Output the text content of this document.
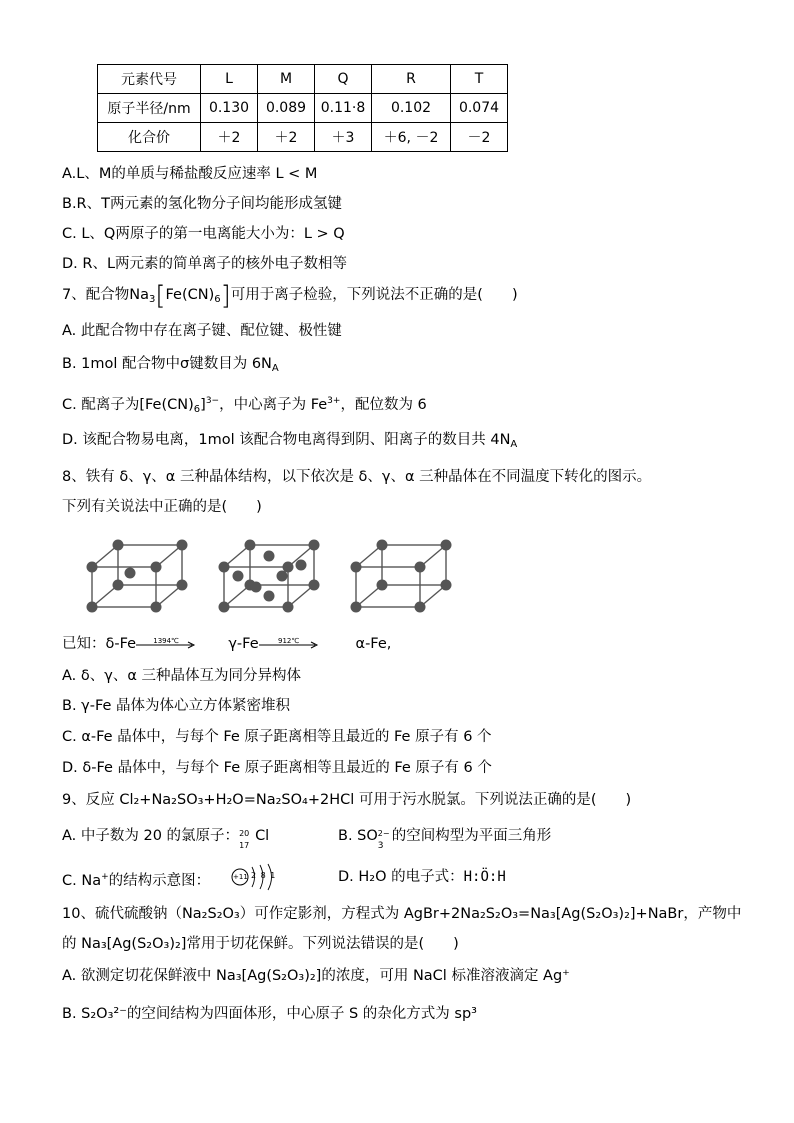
元素代号	L	M	Q	R	T
原子半径/nm	0.130	0.089	0.11·8	0.102	0.074
化合价	＋2	＋2	＋3	＋6, －2	－2
A.L、M的单质与稀盐酸反应速率 L < M
B.R、T两元素的氢化物分子间均能形成氢键
C. L、Q两原子的第一电离能大小为：L > Q
D. R、L两元素的简单离子的核外电子数相等
7、配合物$Na_3[Fe(CN)_6]$可用于离子检验，下列说法不正确的是(　　)
A. 此配合物中存在离子键、配位键、极性键
B. 1mol 配合物中σ键数目为 $6N_A$
C. 配离子为$[Fe(CN)_6]^{3-}$，中心离子为 $Fe^{3+}$，配位数为 6
D. 该配合物易电离，1mol 该配合物电离得到阴、阳离子的数目共 $4N_A$
8、铁有 δ、γ、α 三种晶体结构，以下依次是 δ、γ、α 三种晶体在不同温度下转化的图示。
下列有关说法中正确的是(　　)
已知：δ-Fe	1394℃	γ-Fe	912℃	α-Fe,
A. δ、γ、α 三种晶体互为同分异构体
B. γ-Fe 晶体为体心立方体紧密堆积
C. α-Fe 晶体中，与每个 Fe 原子距离相等且最近的 Fe 原子有 6 个
D. δ-Fe 晶体中，与每个 Fe 原子距离相等且最近的 Fe 原子有 6 个
9、反应 Cl₂+Na₂SO₃+H₂O=Na₂SO₄+2HCl 可用于污水脱氯。下列说法正确的是(　　)
A. 中子数为 20 的氯原子： 20
17
Cl	B. SO 2−
3
的空间构型为平面三角形
C. Na+的结构示意图：	+11 2 8 1	D. H₂O 的电子式：H:Ö:H
10、硫代硫酸钠（Na₂S₂O₃）可作定影剂，方程式为 AgBr+2Na₂S₂O₃=Na₃[Ag(S₂O₃)₂]+NaBr，产物中
的 Na₃[Ag(S₂O₃)₂]常用于切花保鲜。下列说法错误的是(　　)
A. 欲测定切花保鲜液中 Na₃[Ag(S₂O₃)₂]的浓度，可用 NaCl 标准溶液滴定 Ag⁺
B. S₂O₃²⁻的空间结构为四面体形，中心原子 S 的杂化方式为 sp³
